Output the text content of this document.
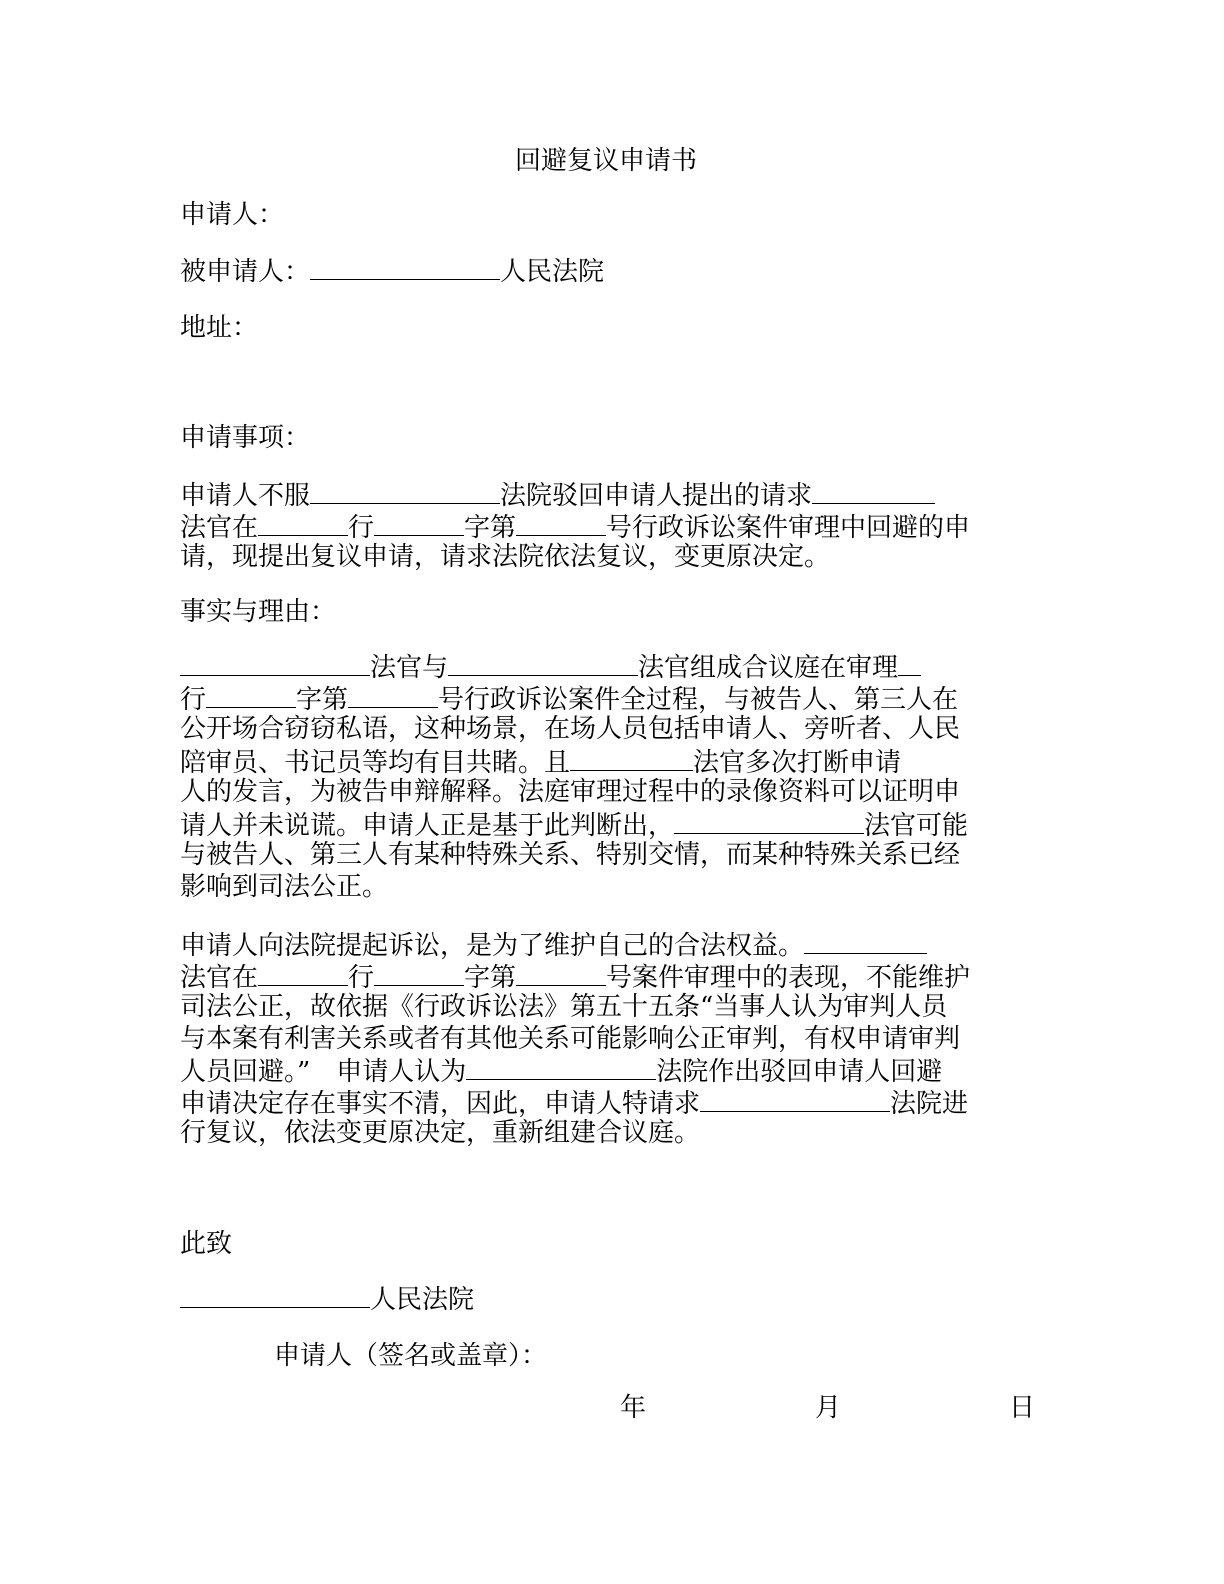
回避复议申请书
申请人：
被申请人：	人民法院
地址：
申请事项：
申请人不服	法院驳回申请人提出的请求
法官在	行	字第	号行政诉讼案件审理中回避的申
请，现提出复议申请，请求法院依法复议，变更原决定。
事实与理由：
法官与	法官组成合议庭在审理
行	字第	号行政诉讼案件全过程，与被告人、第三人在
公开场合窃窃私语，这种场景，在场人员包括申请人、旁听者、人民
陪审员、书记员等均有目共睹。且	法官多次打断申请
人的发言，为被告申辩解释。法庭审理过程中的录像资料可以证明申
请人并未说谎。申请人正是基于此判断出，	法官可能
与被告人、第三人有某种特殊关系、特别交情，而某种特殊关系已经
影响到司法公正。
申请人向法院提起诉讼，是为了维护自己的合法权益。
法官在	行	字第	号案件审理中的表现，不能维护
司法公正，故依据《行政诉讼法》第五十五条“当事人认为审判人员
与本案有利害关系或者有其他关系可能影响公正审判，有权申请审判
人员回避。”　申请人认为	法院作出驳回申请人回避
申请决定存在事实不清，因此，申请人特请求	法院进
行复议，依法变更原决定，重新组建合议庭。
此致
人民法院
申请人（签名或盖章）：
年	月	日
